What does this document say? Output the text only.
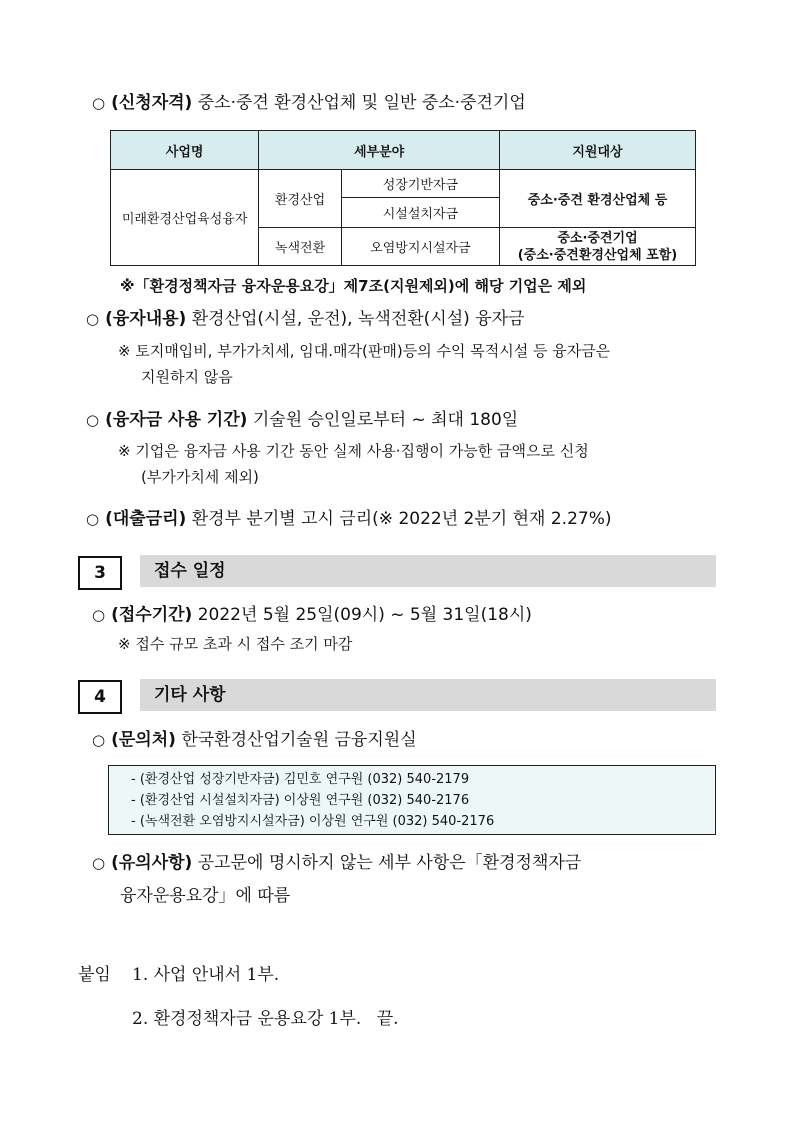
○ (신청자격) 중소·중견 환경산업체 및 일반 중소·중견기업
사업명	세부분야		지원대상
미래환경산업육성융자	환경산업	성장기반자금	중소·중견 환경산업체 등
		시설설치자금	
	녹색전환	오염방지시설자금	중소·중견기업
(중소·중견환경산업체 포함)
※「환경정책자금 융자운용요강」제7조(지원제외)에 해당 기업은 제외
○ (융자내용) 환경산업(시설, 운전), 녹색전환(시설) 융자금
※ 토지매입비, 부가가치세, 임대.매각(판매)등의 수익 목적시설 등 융자금은
지원하지 않음
○ (융자금 사용 기간) 기술원 승인일로부터 ~ 최대 180일
※ 기업은 융자금 사용 기간 동안 실제 사용·집행이 가능한 금액으로 신청
(부가가치세 제외)
○ (대출금리) 환경부 분기별 고시 금리(※ 2022년 2분기 현재 2.27%)
3	접수 일정
○ (접수기간) 2022년 5월 25일(09시) ~ 5월 31일(18시)
※ 접수 규모 초과 시 접수 조기 마감
4	기타 사항
○ (문의처) 한국환경산업기술원 금융지원실
- (환경산업 성장기반자금) 김민호 연구원 (032) 540-2179
- (환경산업 시설설치자금) 이상원 연구원 (032) 540-2176
- (녹색전환 오염방지시설자금) 이상원 연구원 (032) 540-2176
○ (유의사항) 공고문에 명시하지 않는 세부 사항은「환경정책자금
융자운용요강」에 따름
붙임 1. 사업 안내서 1부.
2. 환경정책자금 운용요강 1부. 끝.
